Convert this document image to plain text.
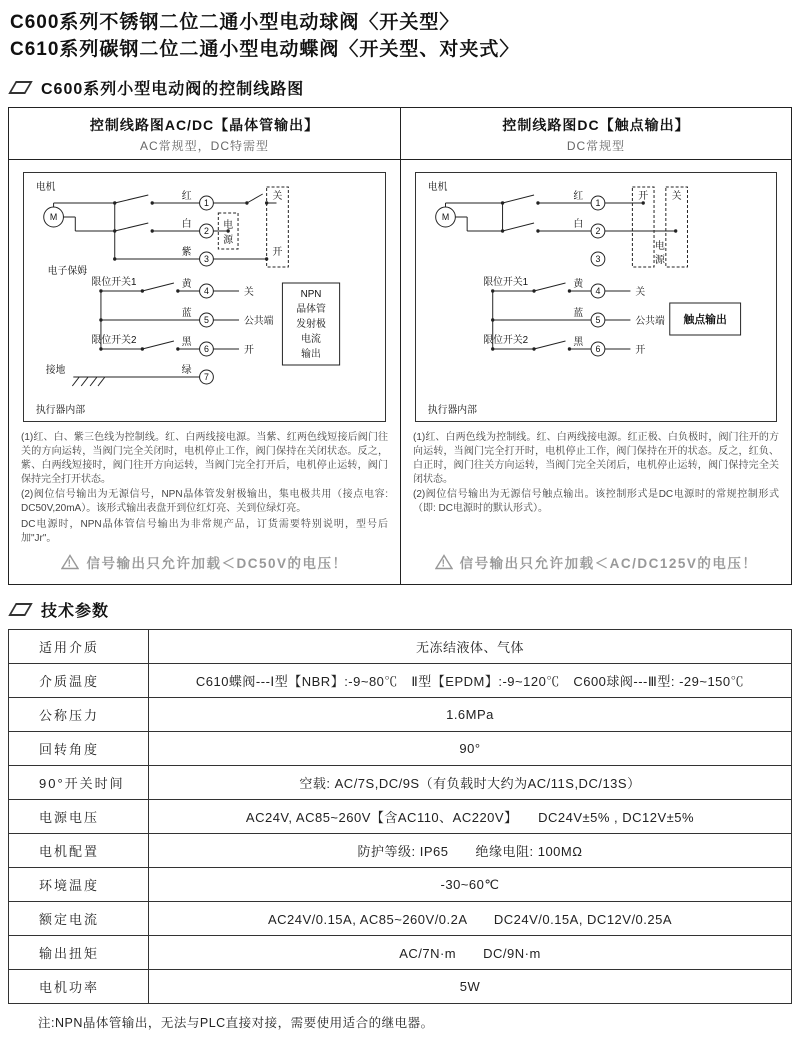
C600系列不锈钢二位二通小型电动球阀〈开关型〉
C610系列碳钢二位二通小型电动蝶阀〈开关型、对夹式〉
C600系列小型电动阀的控制线路图
控制线路图AC/DC【晶体管输出】
AC常规型，DC特需型
电机
M
红
白
紫
黄
蓝
黑
绿
1
2
3
4
5
6
7
关
开
电
源
电子保姆
限位开关1
限位开关2
接地
关
公共端
开
NPN
晶体管
发射极
电流
输出
执行器内部

(1)红、白、紫三色线为控制线。红、白两线接电源。当紫、红两色线短接后阀门往关的方向运转，当阀门完全关闭时，电机停止工作，阀门保持在关闭状态。反之，紫、白两线短接时，阀门往开方向运转，当阀门完全打开后，电机停止运转，阀门保持完全打开状态。

(2)阀位信号输出为无源信号，NPN晶体管发射极输出，集电极共用（接点电容: DC50V,20mA）。该形式输出表盘开到位红灯亮、关到位绿灯亮。

DC电源时，NPN晶体管信号输出为非常规产品，订货需要特别说明，型号后加"Jr"。

! 信号输出只允许加载＜DC50V的电压！
控制线路图DC【触点输出】
DC常规型
电机
M
红
白
黄
蓝
黑
1
2
3
4
5
6
开 关
电
源
限位开关1
限位开关2
关
公共端
开
触点输出
执行器内部

(1)红、白两色线为控制线。红、白两线接电源。红正极、白负极时，阀门往开的方向运转，当阀门完全打开时，电机停止工作，阀门保持在开的状态。反之，红负、白正时，阀门往关方向运转，当阀门完全关闭后，电机停止运转，阀门保持完全关闭状态。

(2)阀位信号输出为无源信号触点输出。该控制形式是DC电源时的常规控制形式（即: DC电源时的默认形式）。

! 信号输出只允许加载＜AC/DC125V的电压！
技术参数
适用介质	无冻结液体、气体
介质温度	C610蝶阀---Ⅰ型【NBR】:-9~80℃　Ⅱ型【EPDM】:-9~120℃　C600球阀---Ⅲ型: -29~150℃
公称压力	1.6MPa
回转角度	90°
90°开关时间	空载: AC/7S,DC/9S（有负载时大约为AC/11S,DC/13S）
电源电压	AC24V, AC85~260V【含AC110、AC220V】　　DC24V±5% , DC12V±5%
电机配置	防护等级: IP65　　绝缘电阻: 100MΩ
环境温度	-30~60℃
额定电流	AC24V/0.15A, AC85~260V/0.2A　　DC24V/0.15A, DC12V/0.25A
输出扭矩	AC/7N·m　　DC/9N·m
电机功率	5W
注:NPN晶体管输出，无法与PLC直接对接，需要使用适合的继电器。
